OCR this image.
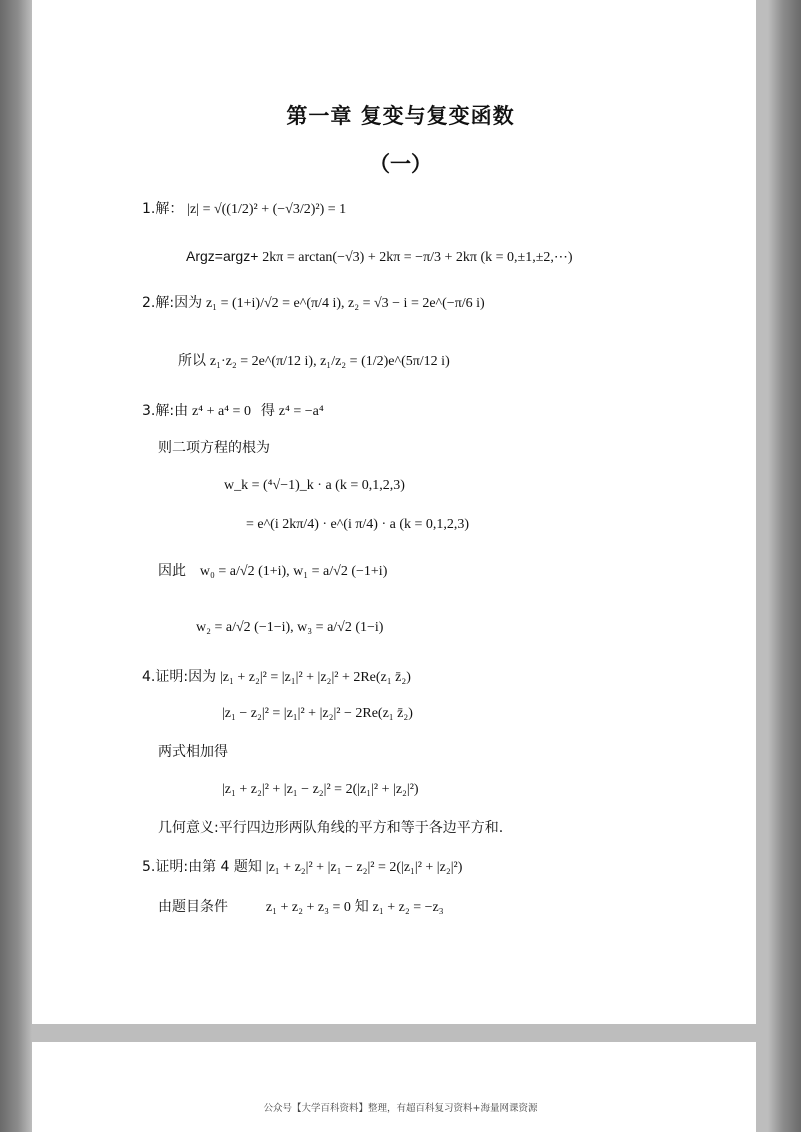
第一章 复变与复变函数
（一）
1.解： |z| = √((1/2)² + (−√3/2)²) = 1
Argz=argz+ 2kπ = arctan(−√3) + 2kπ = −π/3 + 2kπ (k = 0,±1,±2,⋯)
2.解:因为 z₁ = (1+i)/√2 = e^(π/4 i), z₂ = √3 − i = 2e^(−π/6 i)
所以 z₁·z₂ = 2e^(π/12 i), z₁/z₂ = (1/2)e^(5π/12 i)
3.解:由 z⁴ + a⁴ = 0 得 z⁴ = −a⁴
则二项方程的根为
w_k = (⁴√−1)_k · a (k = 0,1,2,3)
= e^(i 2kπ/4) · e^(i π/4) · a (k = 0,1,2,3)
因此 w₀ = a/√2 (1+i), w₁ = a/√2 (−1+i)
w₂ = a/√2 (−1−i), w₃ = a/√2 (1−i)
4.证明:因为 |z₁ + z₂|² = |z₁|² + |z₂|² + 2Re(z₁ z̄₂)
|z₁ − z₂|² = |z₁|² + |z₂|² − 2Re(z₁ z̄₂)
两式相加得
|z₁ + z₂|² + |z₁ − z₂|² = 2(|z₁|² + |z₂|²)
几何意义:平行四边形两队角线的平方和等于各边平方和.
5.证明:由第 4 题知 |z₁ + z₂|² + |z₁ − z₂|² = 2(|z₁|² + |z₂|²)
由题目条件	z₁ + z₂ + z₃ = 0 知 z₁ + z₂ = −z₃
公众号【大学百科资料】整理，有超百科复习资料+海量网课资源
